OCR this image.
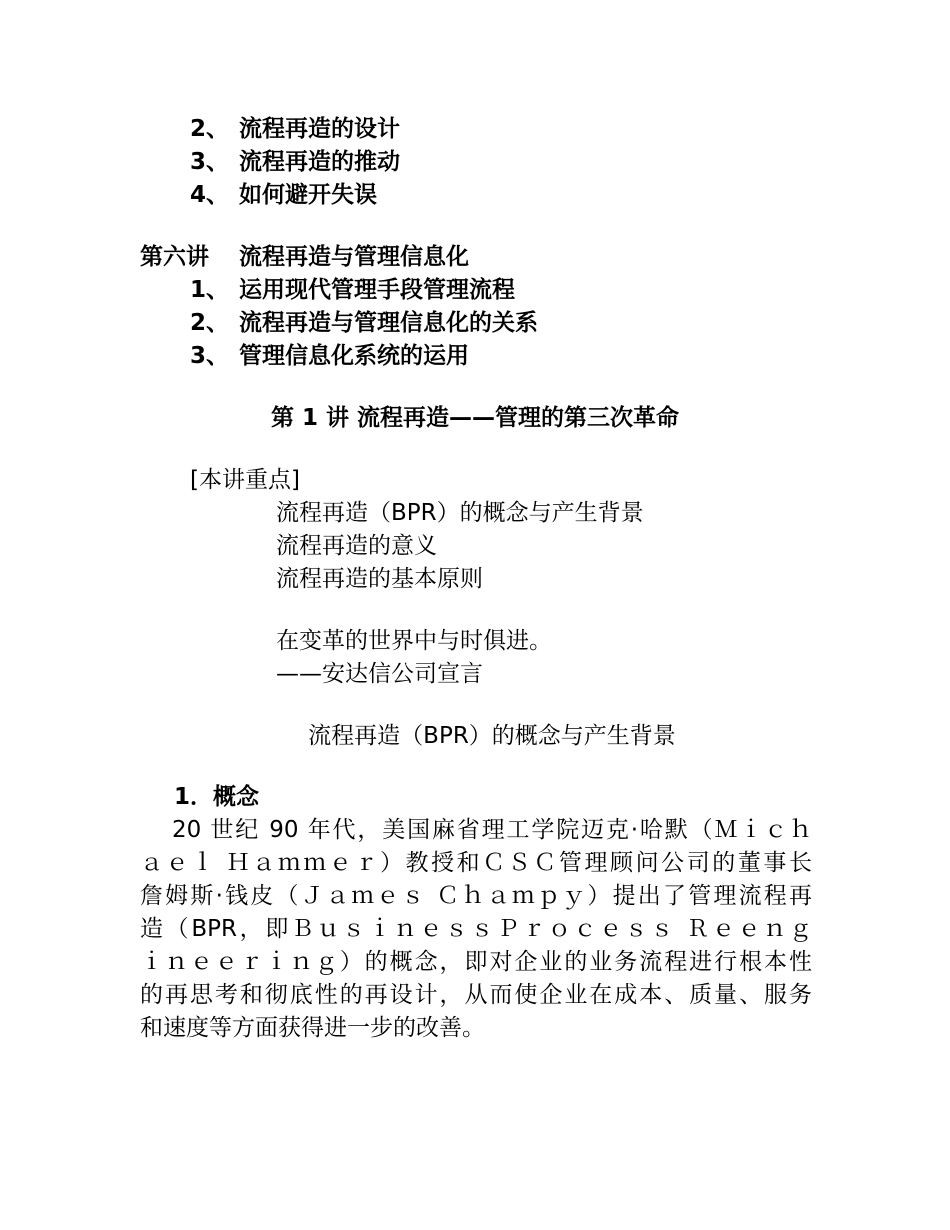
2、 流程再造的设计
3、 流程再造的推动
4、 如何避开失误
第六讲 流程再造与管理信息化
1、 运用现代管理手段管理流程
2、 流程再造与管理信息化的关系
3、 管理信息化系统的运用
第 1 讲 流程再造——管理的第三次革命
[本讲重点]
流程再造（BPR）的概念与产生背景
流程再造的意义
流程再造的基本原则
在变革的世界中与时俱进。
——安达信公司宣言
流程再造（BPR）的概念与产生背景
1．概念
20 世纪 90 年代，美国麻省理工学院迈克·哈默（Ｍｉｃｈ
ａｅｌ Ｈａｍｍｅｒ）教授和ＣＳＣ管理顾问公司的董事长
詹姆斯·钱皮（Ｊａｍｅｓ Ｃｈａｍｐｙ）提出了管理流程再
造（BPR，即ＢｕｓｉｎｅｓｓＰｒｏｃｅｓｓ Ｒｅｅｎｇ
ｉｎｅｅｒｉｎｇ）的概念，即对企业的业务流程进行根本性
的再思考和彻底性的再设计，从而使企业在成本、质量、服务
和速度等方面获得进一步的改善。
